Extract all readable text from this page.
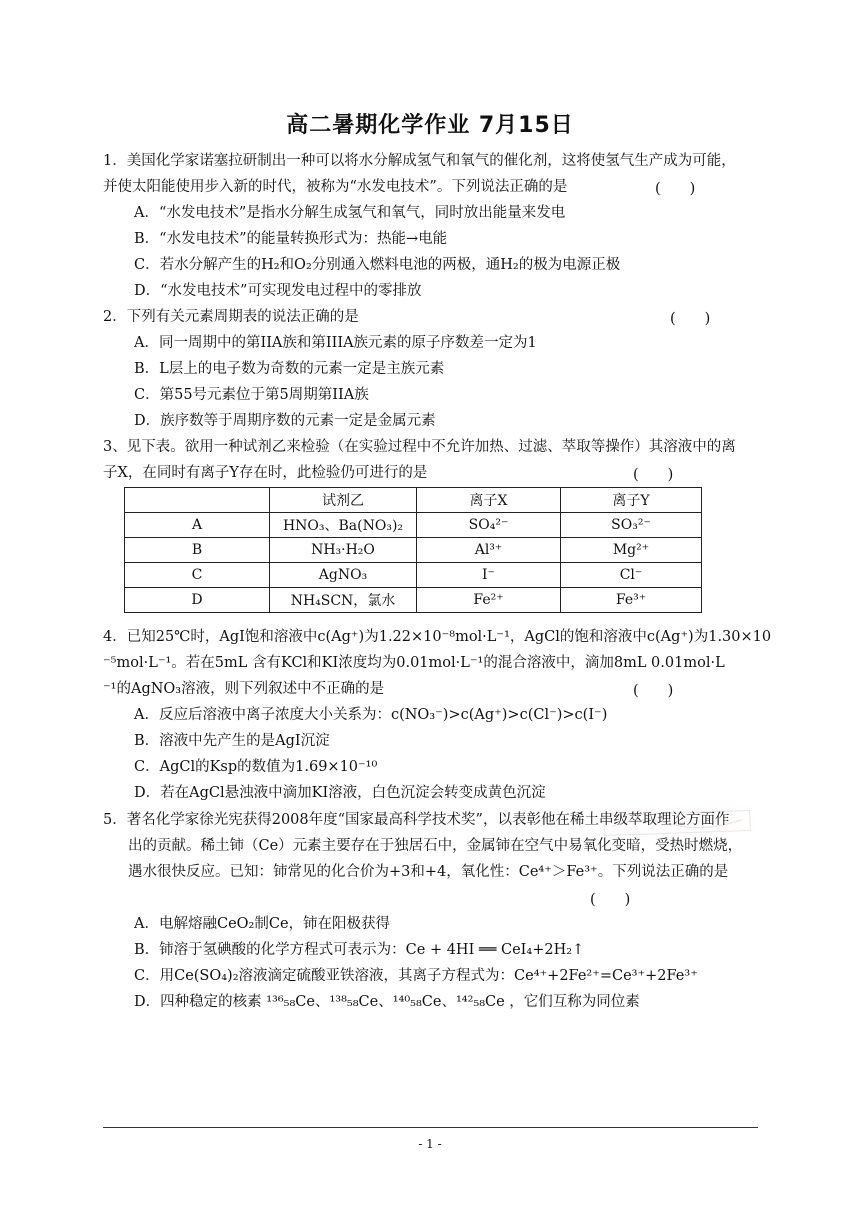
高二暑期化学作业 7月15日
1．美国化学家诺塞拉研制出一种可以将水分解成氢气和氧气的催化剂，这将使氢气生产成为可能，
并使太阳能使用步入新的时代，被称为“水发电技术”。下列说法正确的是	(　　)
A．“水发电技术”是指水分解生成氢气和氧气，同时放出能量来发电
B．“水发电技术”的能量转换形式为：热能→电能
C．若水分解产生的H₂和O₂分别通入燃料电池的两极，通H₂的极为电源正极
D．“水发电技术”可实现发电过程中的零排放
2．下列有关元素周期表的说法正确的是	(　　)
A．同一周期中的第IIA族和第IIIA族元素的原子序数差一定为1
B．L层上的电子数为奇数的元素一定是主族元素
C．第55号元素位于第5周期第IIA族
D．族序数等于周期序数的元素一定是金属元素
3、见下表。欲用一种试剂乙来检验（在实验过程中不允许加热、过滤、萃取等操作）其溶液中的离
子X，在同时有离子Y存在时，此检验仍可进行的是	(　　)
	试剂乙	离子X	离子Y
A	HNO₃、Ba(NO₃)₂	SO₄²⁻	SO₃²⁻
B	NH₃·H₂O	Al³⁺	Mg²⁺
C	AgNO₃	I⁻	Cl⁻
D	NH₄SCN，氯水	Fe²⁺	Fe³⁺
4．已知25℃时，AgⅠ饱和溶液中c(Ag⁺)为1.22×10⁻⁸mol·L⁻¹，AgCl的饱和溶液中c(Ag⁺)为1.30×10
⁻⁵mol·L⁻¹。若在5mL 含有KCl和KⅠ浓度均为0.01mol·L⁻¹的混合溶液中，滴加8mL 0.01mol·L
⁻¹的AgNO₃溶液，则下列叙述中不正确的是	(　　)
A．反应后溶液中离子浓度大小关系为：c(NO₃⁻)>c(Ag⁺)>c(Cl⁻)>c(Ⅰ⁻)
B．溶液中先产生的是AgⅠ沉淀
C．AgCl的Ksp的数值为1.69×10⁻¹⁰
D．若在AgCl悬浊液中滴加KⅠ溶液，白色沉淀会转变成黄色沉淀
5．著名化学家徐光宪获得2008年度“国家最高科学技术奖”，以表彰他在稀土串级萃取理论方面作
出的贡献。稀土铈（Ce）元素主要存在于独居石中，金属铈在空气中易氧化变暗，受热时燃烧，
遇水很快反应。已知：铈常见的化合价为+3和+4，氧化性：Ce⁴⁺＞Fe³⁺。下列说法正确的是
(　　)
A．电解熔融CeO₂制Ce，铈在阳极获得
B．铈溶于氢碘酸的化学方程式可表示为：Ce + 4HI ══ CeI₄+2H₂↑
C．用Ce(SO₄)₂溶液滴定硫酸亚铁溶液，其离子方程式为：Ce⁴⁺+2Fe²⁺=Ce³⁺+2Fe³⁺
D．四种稳定的核素 ¹³⁶₅₈Ce、¹³⁸₅₈Ce、¹⁴⁰₅₈Ce、¹⁴²₅₈Ce ，它们互称为同位素
- 1 -
